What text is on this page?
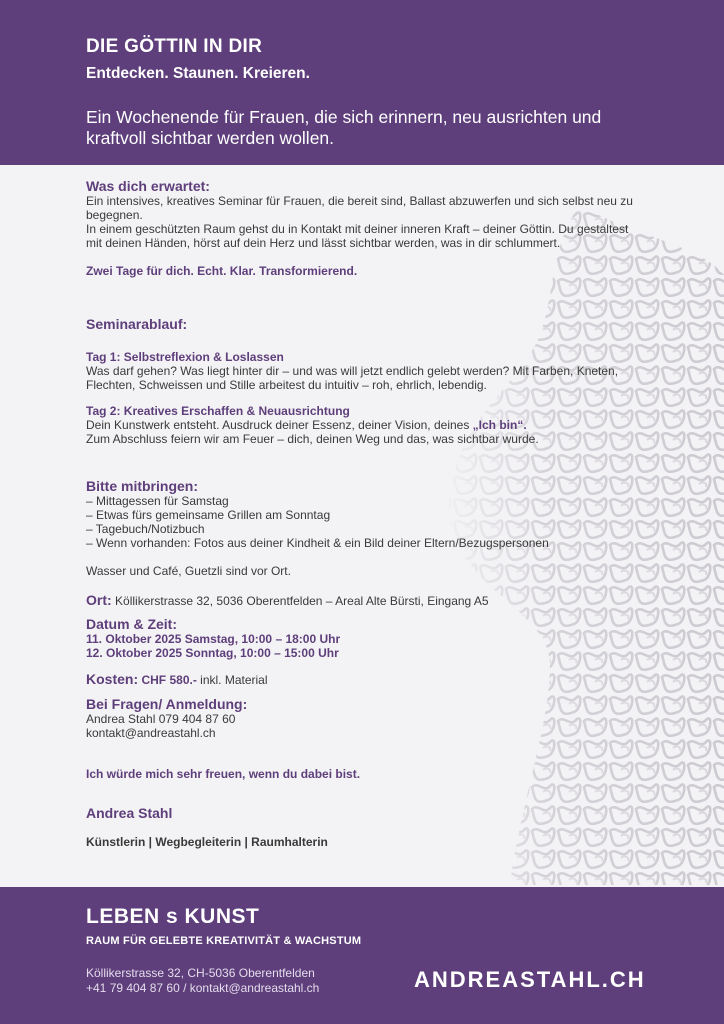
DIE GÖTTIN IN DIR
Entdecken. Staunen. Kreieren.
Ein Wochenende für Frauen, die sich erinnern, neu ausrichten und kraftvoll sichtbar werden wollen.
Was dich erwartet:

Ein intensives, kreatives Seminar für Frauen, die bereit sind, Ballast abzuwerfen und sich selbst neu zu begegnen.

In einem geschützten Raum gehst du in Kontakt mit deiner inneren Kraft – deiner Göttin. Du gestaltest mit deinen Händen, hörst auf dein Herz und lässt sichtbar werden, was in dir schlummert.

Zwei Tage für dich. Echt. Klar. Transformierend.

Seminarablauf:

Tag 1: Selbstreflexion & Loslassen

Was darf gehen? Was liegt hinter dir – und was will jetzt endlich gelebt werden? Mit Farben, Kneten, Flechten, Schweissen und Stille arbeitest du intuitiv – roh, ehrlich, lebendig.

Tag 2: Kreatives Erschaffen & Neuausrichtung

Dein Kunstwerk entsteht. Ausdruck deiner Essenz, deiner Vision, deines „Ich bin“.
Zum Abschluss feiern wir am Feuer – dich, deinen Weg und das, was sichtbar wurde.

Bitte mitbringen:
– Mittagessen für Samstag
– Etwas fürs gemeinsame Grillen am Sonntag
– Tagebuch/Notizbuch
– Wenn vorhanden: Fotos aus deiner Kindheit & ein Bild deiner Eltern/Bezugspersonen
Wasser und Café, Guetzli sind vor Ort.
Ort: Köllikerstrasse 32, 5036 Oberentfelden – Areal Alte Bürsti, Eingang A5
Datum & Zeit:
11. Oktober 2025 Samstag, 10:00 – 18:00 Uhr
12. Oktober 2025 Sonntag, 10:00 – 15:00 Uhr
Kosten: CHF 580.- inkl. Material
Bei Fragen/ Anmeldung:
Andrea Stahl 079 404 87 60
kontakt@andreastahl.ch
Ich würde mich sehr freuen, wenn du dabei bist.
Andrea Stahl
Künstlerin | Wegbegleiterin | Raumhalterin
LEBEN s KUNST
RAUM FÜR GELEBTE KREATIVITÄT & WACHSTUM
Köllikerstrasse 32, CH-5036 Oberentfelden
+41 79 404 87 60 / kontakt@andreastahl.ch	ANDREASTAHL.CH
